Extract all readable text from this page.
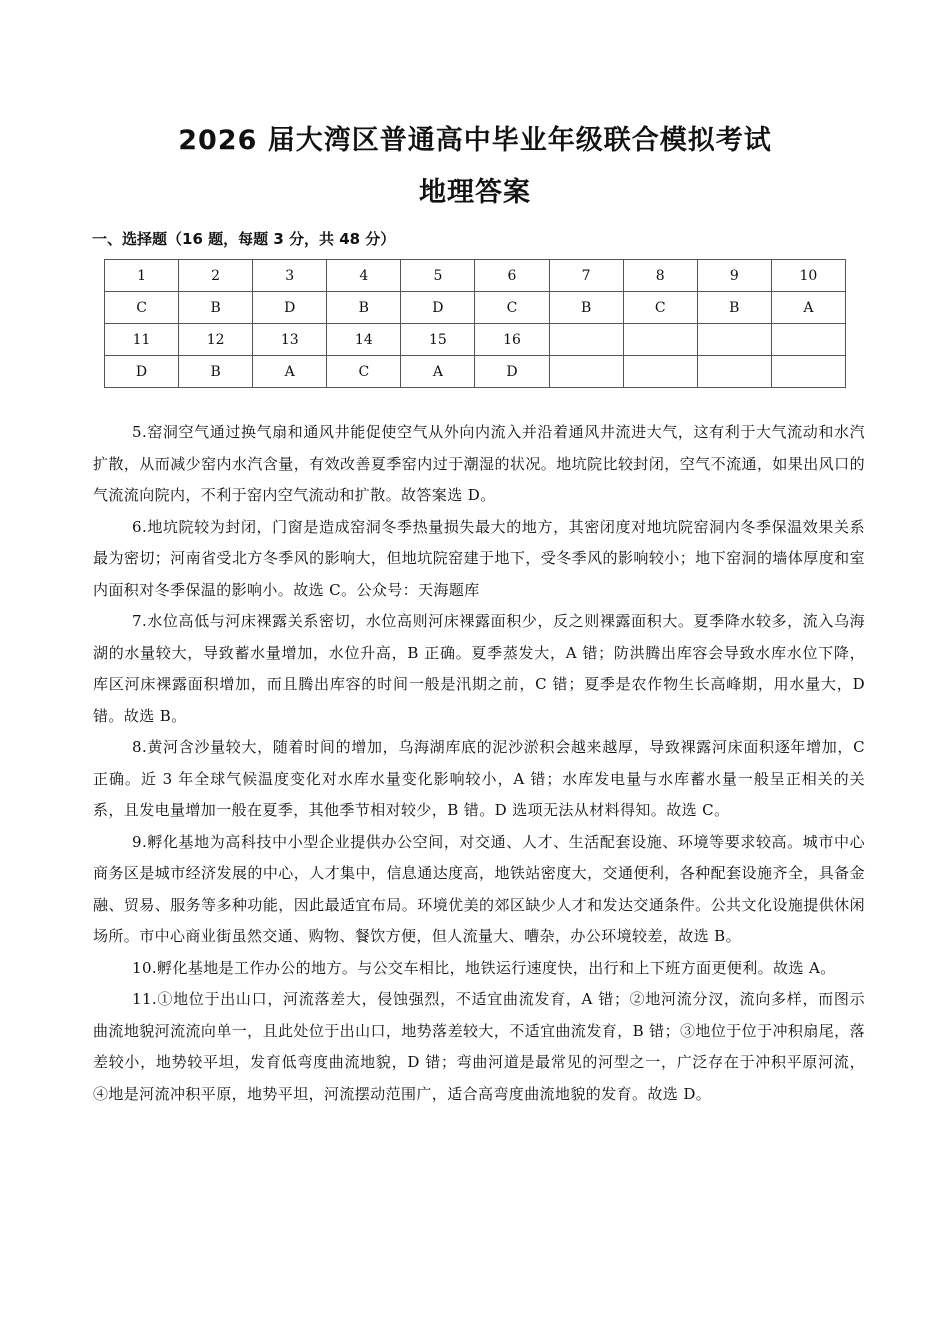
2026 届大湾区普通高中毕业年级联合模拟考试
地理答案
一、选择题（16 题，每题 3 分，共 48 分）
1	2	3	4	5	6	7	8	9	10
C	B	D	B	D	C	B	C	B	A
11	12	13	14	15	16				
D	B	A	C	A	D				

5.窑洞空气通过换气扇和通风井能促使空气从外向内流入并沿着通风井流进大气，这有利于大气流动和水汽扩散，从而减少窑内水汽含量，有效改善夏季窑内过于潮湿的状况。地坑院比较封闭，空气不流通，如果出风口的气流流向院内，不利于窑内空气流动和扩散。故答案选 D。

6.地坑院较为封闭，门窗是造成窑洞冬季热量损失最大的地方，其密闭度对地坑院窑洞内冬季保温效果关系最为密切；河南省受北方冬季风的影响大，但地坑院窑建于地下，受冬季风的影响较小；地下窑洞的墙体厚度和室内面积对冬季保温的影响小。故选 C。公众号：天海题库

7.水位高低与河床裸露关系密切，水位高则河床裸露面积少，反之则裸露面积大。夏季降水较多，流入乌海湖的水量较大，导致蓄水量增加，水位升高，B 正确。夏季蒸发大，A 错；防洪腾出库容会导致水库水位下降，库区河床裸露面积增加，而且腾出库容的时间一般是汛期之前，C 错；夏季是农作物生长高峰期，用水量大，D 错。故选 B。

8.黄河含沙量较大，随着时间的增加，乌海湖库底的泥沙淤积会越来越厚，导致裸露河床面积逐年增加，C 正确。近 3 年全球气候温度变化对水库水量变化影响较小，A 错；水库发电量与水库蓄水量一般呈正相关的关系，且发电量增加一般在夏季，其他季节相对较少，B 错。D 选项无法从材料得知。故选 C。

9.孵化基地为高科技中小型企业提供办公空间，对交通、人才、生活配套设施、环境等要求较高。城市中心商务区是城市经济发展的中心，人才集中，信息通达度高，地铁站密度大，交通便利，各种配套设施齐全，具备金融、贸易、服务等多种功能，因此最适宜布局。环境优美的郊区缺少人才和发达交通条件。公共文化设施提供休闲场所。市中心商业街虽然交通、购物、餐饮方便，但人流量大、嘈杂，办公环境较差，故选 B。

10.孵化基地是工作办公的地方。与公交车相比，地铁运行速度快，出行和上下班方面更便利。故选 A。

11.①地位于出山口，河流落差大，侵蚀强烈，不适宜曲流发育，A 错；②地河流分汊，流向多样，而图示曲流地貌河流流向单一，且此处位于出山口，地势落差较大，不适宜曲流发育，B 错；③地位于位于冲积扇尾，落差较小，地势较平坦，发育低弯度曲流地貌，D 错；弯曲河道是最常见的河型之一，广泛存在于冲积平原河流，④地是河流冲积平原，地势平坦，河流摆动范围广，适合高弯度曲流地貌的发育。故选 D。
